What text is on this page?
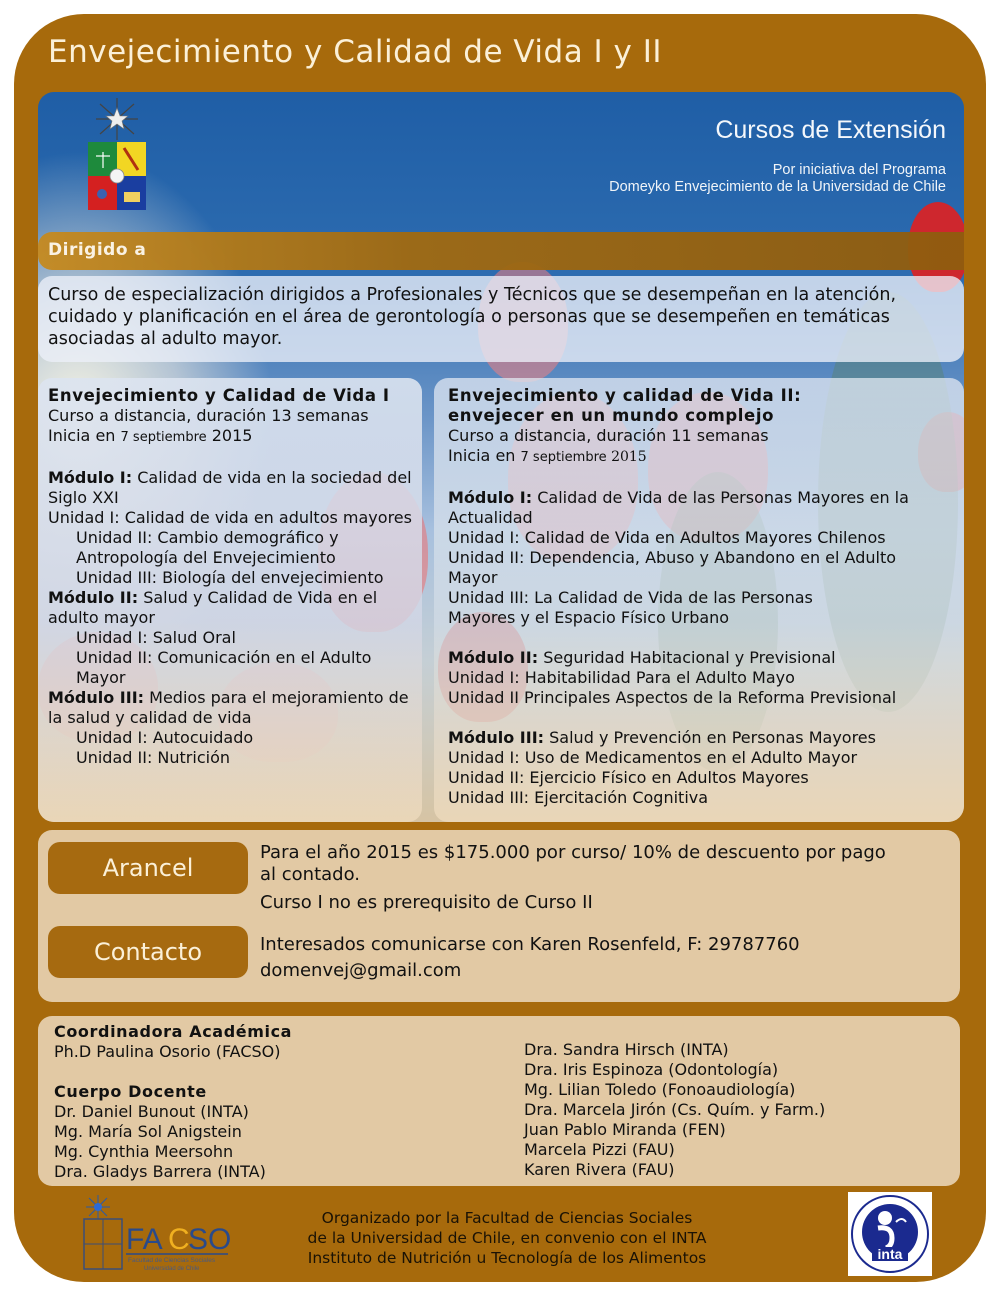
Envejecimiento y Calidad de Vida I y II
Cursos de Extensión
Por iniciativa del Programa
Domeyko Envejecimiento de la Universidad de Chile
Dirigido a

Curso de especialización dirigidos a Profesionales y Técnicos que se desempeñan en la atención, cuidado y planificación en el área de gerontología o personas que se desempeñen en temáticas asociadas al adulto mayor.

Envejecimiento y Calidad de Vida I
Curso a distancia, duración 13 semanas
Inicia en 7 septiembre 2015
Módulo I: Calidad de vida en la sociedad del Siglo XXI
Unidad I: Calidad de vida en adultos mayores
Unidad II: Cambio demográfico y Antropología del Envejecimiento
Unidad III: Biología del envejecimiento
Módulo II: Salud y Calidad de Vida en el adulto mayor
Unidad I: Salud Oral
Unidad II: Comunicación en el Adulto Mayor
Módulo III: Medios para el mejoramiento de la salud y calidad de vida
Unidad I: Autocuidado
Unidad II: Nutrición
Envejecimiento y calidad de Vida II:
envejecer en un mundo complejo
Curso a distancia, duración 11 semanas
Inicia en 7 septiembre 2015
Módulo I: Calidad de Vida de las Personas Mayores en la Actualidad
Unidad I: Calidad de Vida en Adultos Mayores Chilenos
Unidad II: Dependencia, Abuso y Abandono en el Adulto Mayor
Unidad III: La Calidad de Vida de las Personas Mayores y el Espacio Físico Urbano
Módulo II: Seguridad Habitacional y Previsional
Unidad I: Habitabilidad Para el Adulto Mayo
Unidad II Principales Aspectos de la Reforma Previsional
Módulo III: Salud y Prevención en Personas Mayores
Unidad I: Uso de Medicamentos en el Adulto Mayor
Unidad II: Ejercicio Físico en Adultos Mayores
Unidad III: Ejercitación Cognitiva
Arancel
Para el año 2015 es $175.000 por curso/ 10% de descuento por pago
al contado.
Curso I no es prerequisito de Curso II
Contacto	Interesados comunicarse con Karen Rosenfeld, F: 29787760
domenvej@gmail.com
Coordinadora Académica
Ph.D Paulina Osorio (FACSO)
Cuerpo Docente
Dr. Daniel Bunout (INTA)
Mg. María Sol Anigstein
Mg. Cynthia Meersohn
Dra. Gladys Barrera (INTA)
Dra. Sandra Hirsch (INTA)
Dra. Iris Espinoza (Odontología)
Mg. Lilian Toledo (Fonoaudiología)
Dra. Marcela Jirón (Cs. Quím. y Farm.)
Juan Pablo Miranda (FEN)
Marcela Pizzi (FAU)
Karen Rivera (FAU)
FA C
SO
Facultad de Ciencias Sociales
Universidad de Chile
Organizado por la Facultad de Ciencias Sociales
de la Universidad de Chile, en convenio con el INTA
Instituto de Nutrición u Tecnología de los Alimentos	inta
